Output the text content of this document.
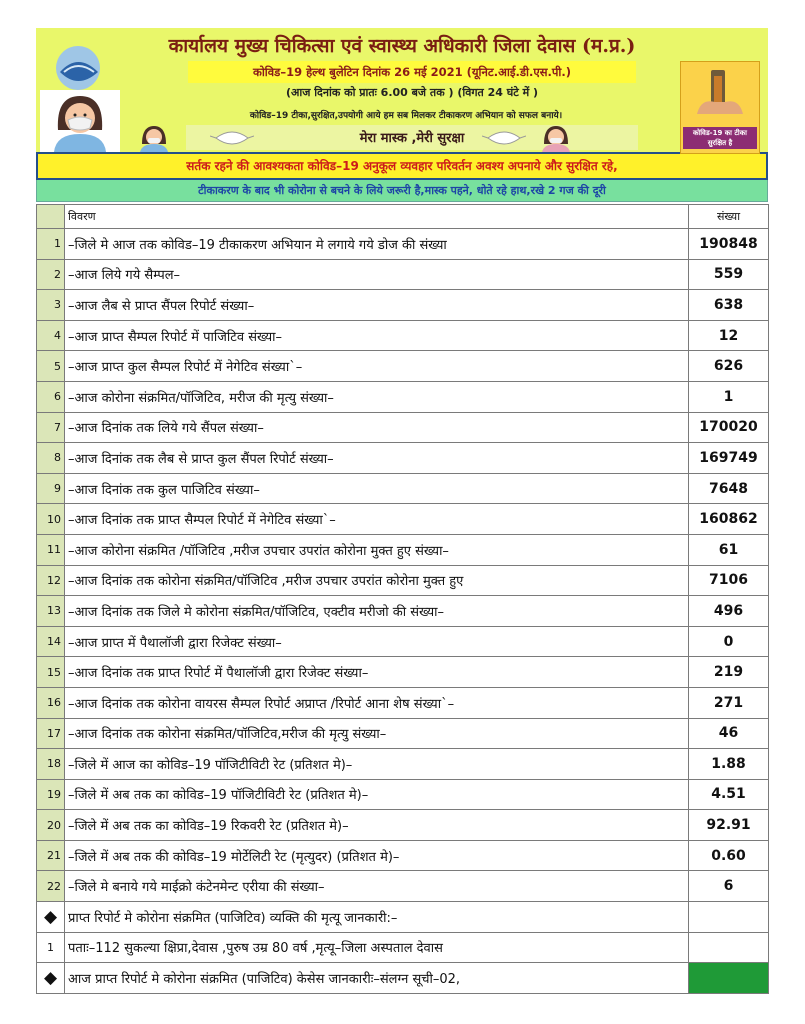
कार्यालय मुख्य चिकित्सा एवं स्वास्थ्य अधिकारी जिला देवास (म.प्र.)
कोविड–19 हेल्थ बुलेटिन दिनांक 26 मई 2021 (यूनिट.आई.डी.एस.पी.)
(आज दिनांक को प्रातः 6.00 बजे तक ) (विगत 24 घंटे में )
कोविड–19 टीका,सुरक्षित,उपयोगी आये हम सब मिलकर टीकाकरण अभियान को सफल बनाये।
मेरा मास्क ,मेरी सुरक्षा	कोविड-19 का टीका सुरक्षित है
सर्तक रहने की आवश्यकता कोविड–19 अनुकूल व्यवहार परिवर्तन अवश्य अपनाये और सुरक्षित रहे,
टीकाकरण के बाद भी कोरोना से बचने के लिये जरूरी है,मास्क पहने, धोते रहे हाथ,रखे 2 गज की दूरी
	विवरण	संख्या
1	–जिले मे आज तक कोविड–19 टीकाकरण अभियान मे लगाये गये डोज की संख्या	190848
2	–आज लिये गये सैम्पल–	559
3	–आज लैब से प्राप्त सैंपल रिपोर्ट संख्या–	638
4	–आज प्राप्त सैम्पल रिपोर्ट में पाजिटिव संख्या–	12
5	–आज प्राप्त कुल सैम्पल रिपोर्ट में नेगेटिव संख्या`–	626
6	–आज कोरोना संक्रमित/पॉजिटिव, मरीज की मृत्यु संख्या–	1
7	–आज दिनांक तक लिये गये सैंपल संख्या–	170020
8	–आज दिनांक तक लैब से प्राप्त कुल सैंपल रिपोर्ट संख्या–	169749
9	–आज दिनांक तक कुल पाजिटिव संख्या–	7648
10	–आज दिनांक तक प्राप्त सैम्पल रिपोर्ट में नेगेटिव संख्या`–	160862
11	–आज कोरोना संक्रमित /पॉजिटिव ,मरीज उपचार उपरांत कोरोना मुक्त हुए संख्या–	61
12	–आज दिनांक तक कोरोना संक्रमित/पॉजिटिव ,मरीज उपचार उपरांत कोरोना मुक्त हुए	7106
13	–आज दिनांक तक जिले मे कोरोना संक्रमित/पॉजिटिव, एक्टीव मरीजो की संख्या–	496
14	–आज प्राप्त में पैथालॉजी द्वारा रिजेक्ट संख्या–	0
15	–आज दिनांक तक प्राप्त रिपोर्ट में पैथालॉजी द्वारा रिजेक्ट संख्या–	219
16	–आज दिनांक तक कोरोना वायरस सैम्पल रिपोर्ट अप्राप्त /रिपोर्ट आना शेष संख्या`–	271
17	–आज दिनांक तक कोरोना संक्रमित/पॉजिटिव,मरीज की मृत्यु संख्या–	46
18	–जिले में आज का कोविड–19 पॉजिटीविटी रेट (प्रतिशत मे)–	1.88
19	–जिले में अब तक का कोविड–19 पॉजिटीविटी रेट (प्रतिशत मे)–	4.51
20	–जिले में अब तक का कोविड–19 रिकवरी रेट (प्रतिशत मे)–	92.91
21	–जिले में अब तक की कोविड–19 मोर्टेलिटी रेट (मृत्युदर) (प्रतिशत मे)–	0.60
22	–जिले मे बनाये गये माईक्रो कंटेनमेन्ट एरीया की संख्या–	6
◆	प्राप्त रिपोर्ट मे कोरोना संक्रमित (पाजिटिव) व्यक्ति की मृत्यू जानकारी:–	
1	पताः–112 सुकल्या क्षिप्रा,देवास ,पुरुष उम्र 80 वर्ष ,मृत्यू–जिला अस्पताल देवास	
◆	आज प्राप्त रिपोर्ट मे कोरोना संक्रमित (पाजिटिव) केसेस जानकारीः–संलग्न सूची–02,	
